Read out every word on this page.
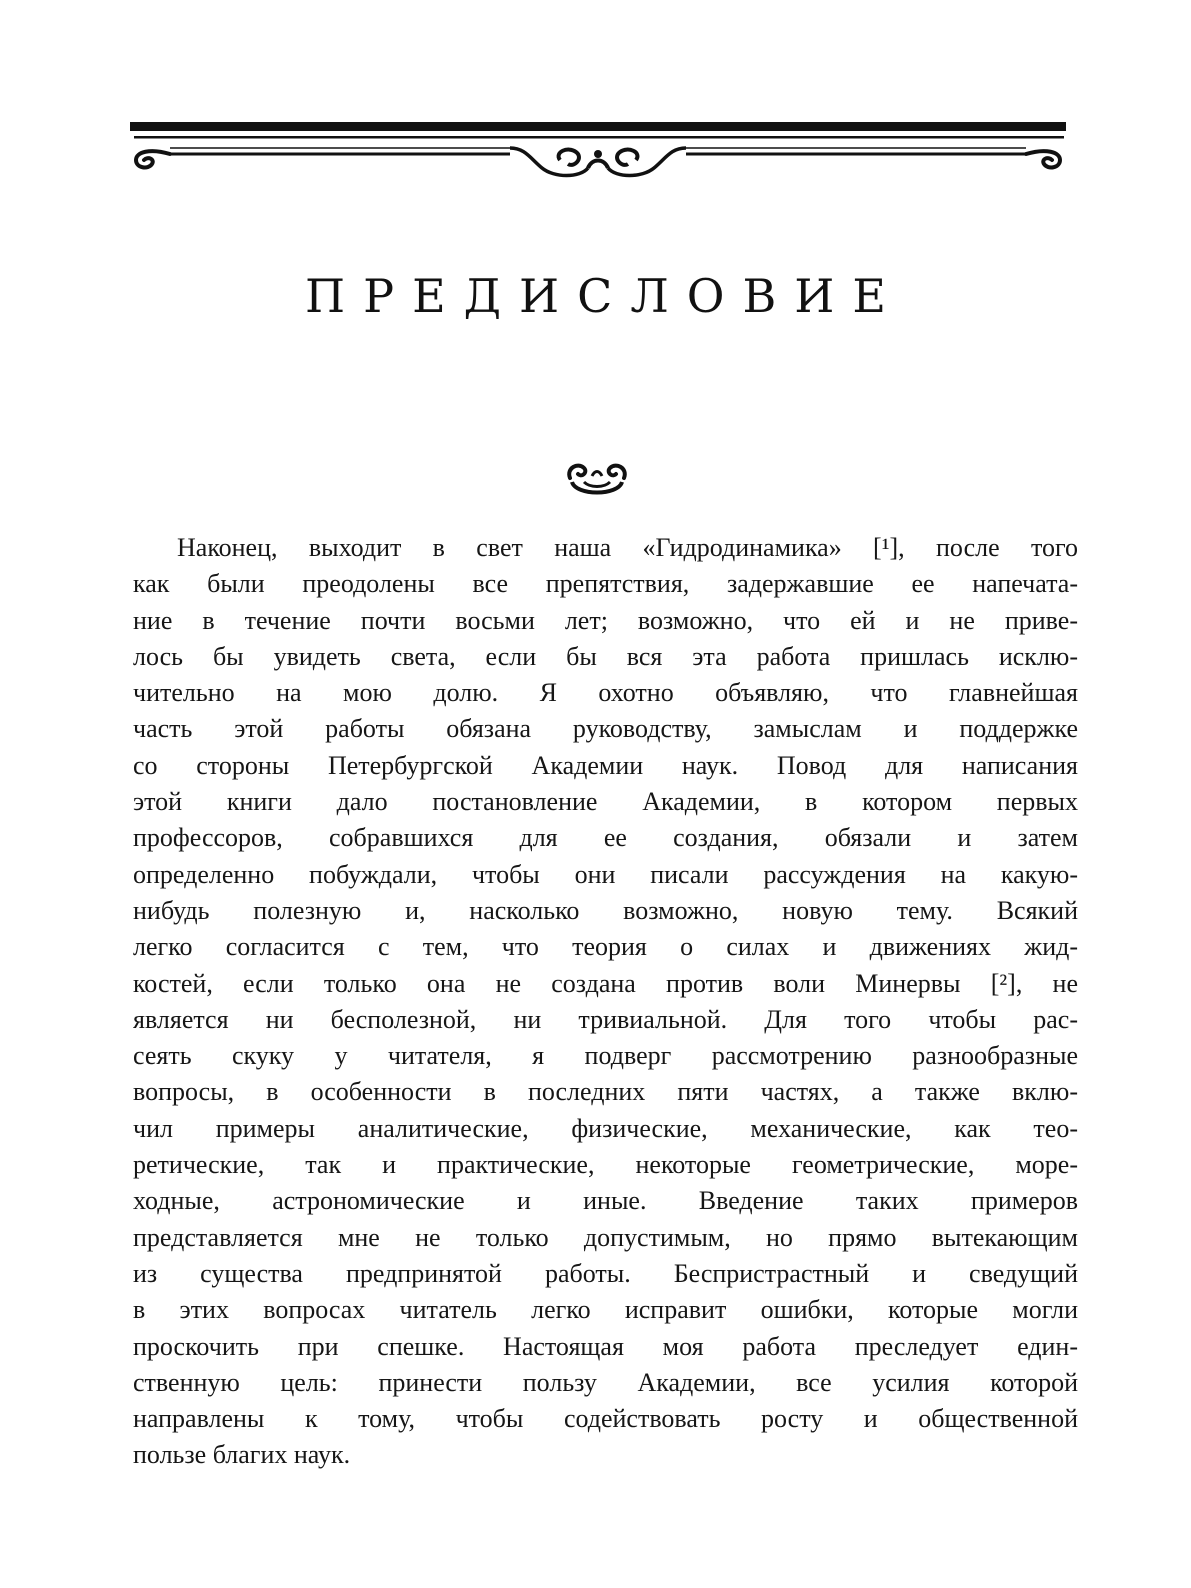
ПРЕДИСЛОВИЕ
Наконец, выходит в свет наша «Гидродинамика» [¹], после того
как были преодолены все препятствия, задержавшие ее напечата-
ние в течение почти восьми лет; возможно, что ей и не приве-
лось бы увидеть света, если бы вся эта работа пришлась исклю-
чительно на мою долю. Я охотно объявляю, что главнейшая
часть этой работы обязана руководству, замыслам и поддержке
со стороны Петербургской Академии наук. Повод для написания
этой книги дало постановление Академии, в котором первых
профессоров, собравшихся для ее создания, обязали и затем
определенно побуждали, чтобы они писали рассуждения на какую-
нибудь полезную и, насколько возможно, новую тему. Всякий
легко согласится с тем, что теория о силах и движениях жид-
костей, если только она не создана против воли Минервы [²], не
является ни бесполезной, ни тривиальной. Для того чтобы рас-
сеять скуку у читателя, я подверг рассмотрению разнообразные
вопросы, в особенности в последних пяти частях, а также вклю-
чил примеры аналитические, физические, механические, как тео-
ретические, так и практические, некоторые геометрические, море-
ходные, астрономические и иные. Введение таких примеров
представляется мне не только допустимым, но прямо вытекающим
из существа предпринятой работы. Беспристрастный и сведущий
в этих вопросах читатель легко исправит ошибки, которые могли
проскочить при спешке. Настоящая моя работа преследует един-
ственную цель: принести пользу Академии, все усилия которой
направлены к тому, чтобы содействовать росту и общественной
пользе благих наук.
